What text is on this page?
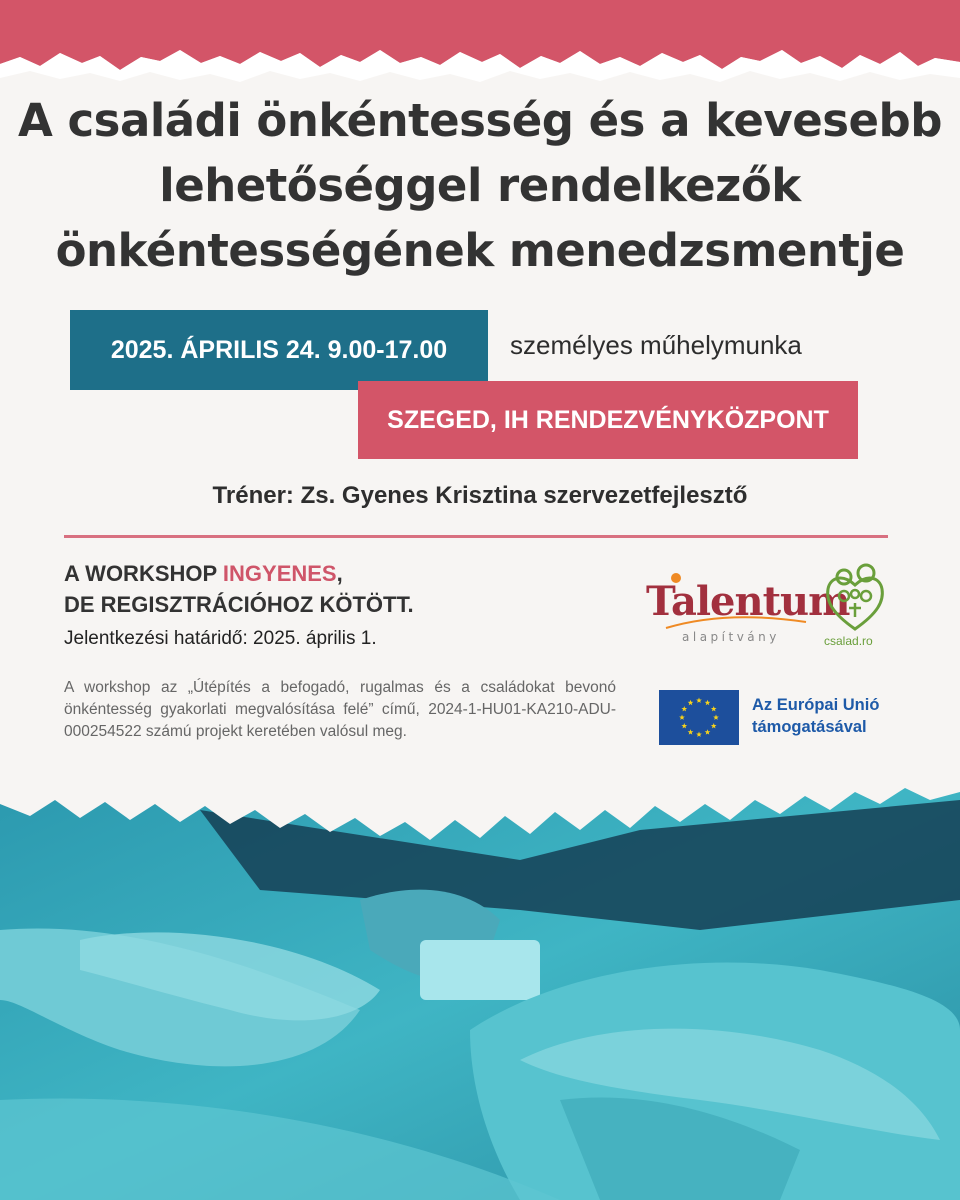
A családi önkéntesség és a kevesebb
lehetőséggel rendelkezők
önkéntességének menedzsmentje
2025. ÁPRILIS 24. 9.00-17.00	személyes műhelymunka
SZEGED, IH RENDEZVÉNYKÖZPONT
Tréner: Zs. Gyenes Krisztina szervezetfejlesztő
A WORKSHOP INGYENES,
DE REGISZTRÁCIÓHOZ KÖTÖTT.
Jelentkezési határidő: 2025. április 1.

A workshop az „Útépítés a befogadó, rugalmas és a családokat bevonó önkéntesség gyakorlati megvalósítása felé” című, 2024-1-HU01-KA210-ADU-000254522 számú projekt keretében valósul meg.

Talentum
alapítvány	csalad.ro
Az Európai Unió
támogatásával
